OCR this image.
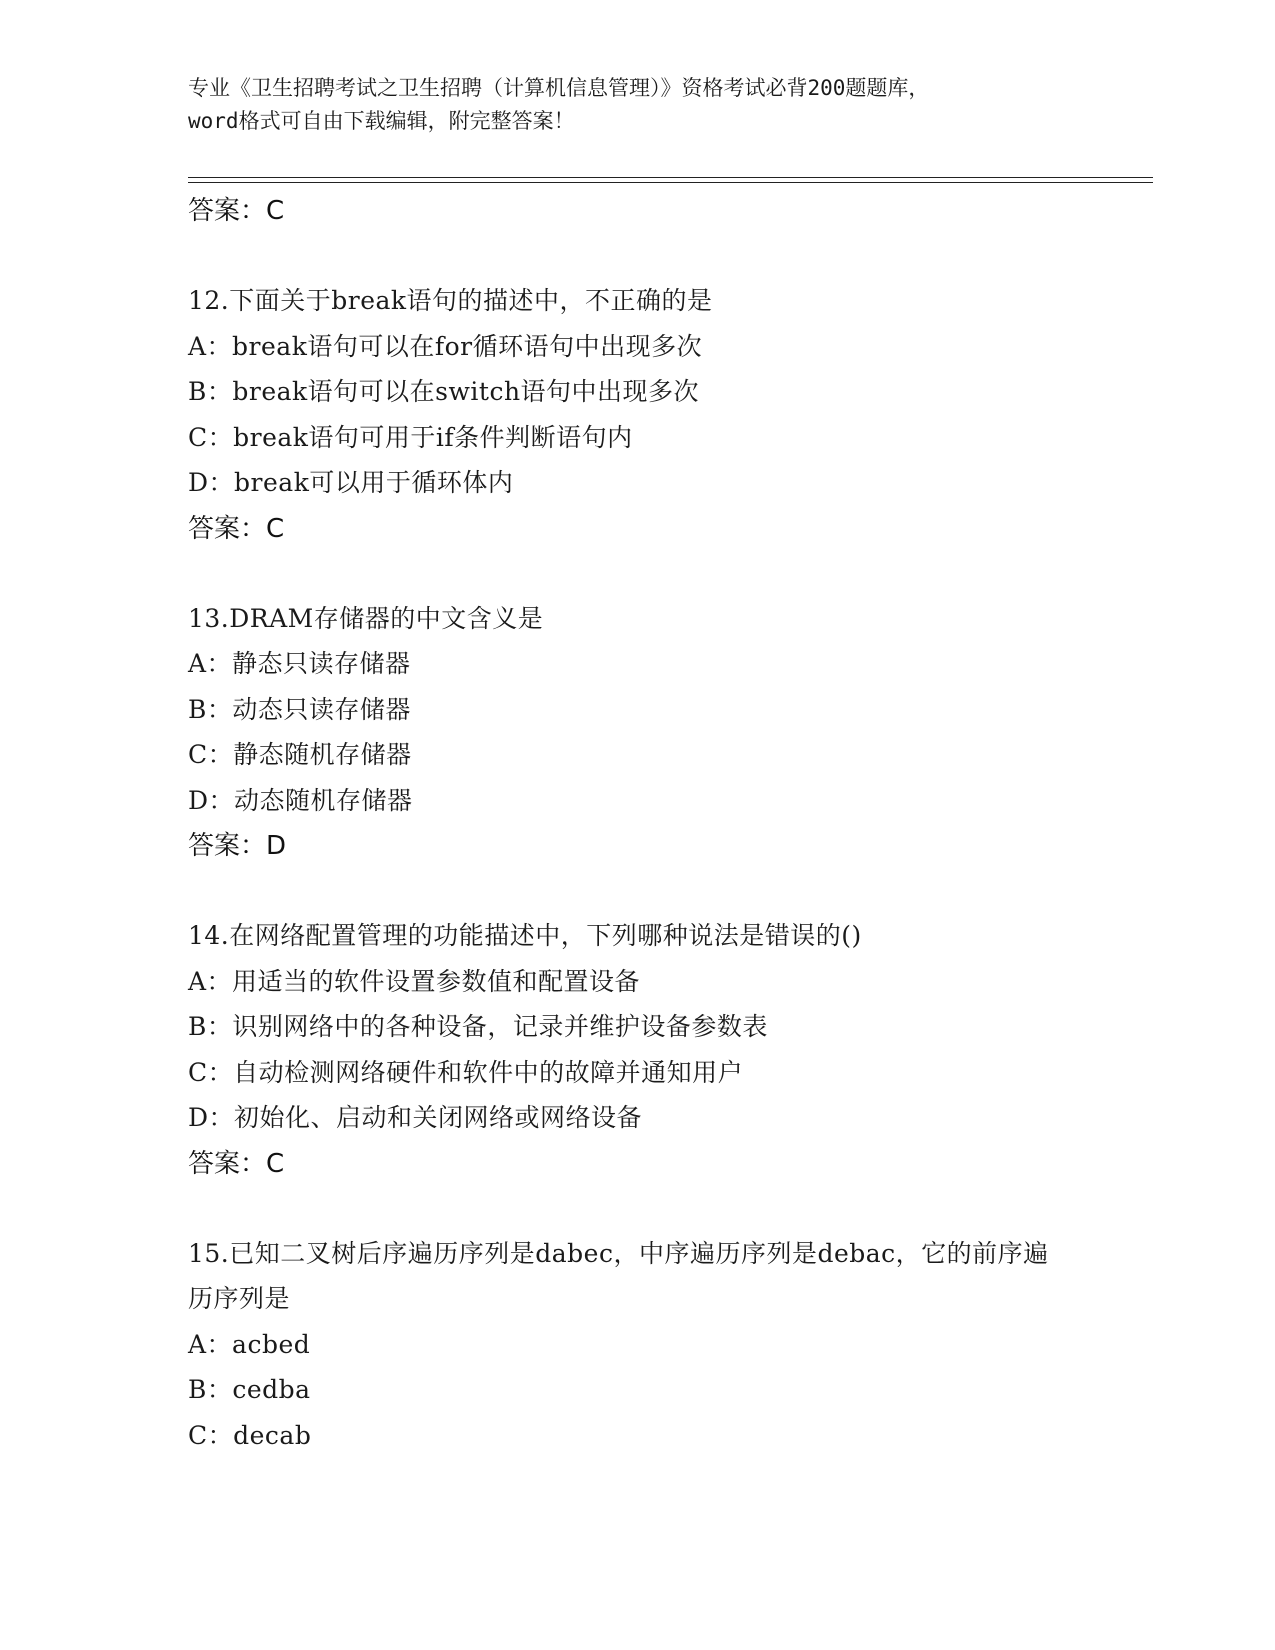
专业《卫生招聘考试之卫生招聘（计算机信息管理）》资格考试必背200题题库，
word格式可自由下载编辑，附完整答案！
答案：C
12.下面关于break语句的描述中，不正确的是
A：break语句可以在for循环语句中出现多次
B：break语句可以在switch语句中出现多次
C：break语句可用于if条件判断语句内
D：break可以用于循环体内
答案：C
13.DRAM存储器的中文含义是
A：静态只读存储器
B：动态只读存储器
C：静态随机存储器
D：动态随机存储器
答案：D
14.在网络配置管理的功能描述中，下列哪种说法是错误的()
A：用适当的软件设置参数值和配置设备
B：识别网络中的各种设备，记录并维护设备参数表
C：自动检测网络硬件和软件中的故障并通知用户
D：初始化、启动和关闭网络或网络设备
答案：C
15.已知二叉树后序遍历序列是dabec，中序遍历序列是debac，它的前序遍历序列是
A：acbed
B：cedba
C：decab
